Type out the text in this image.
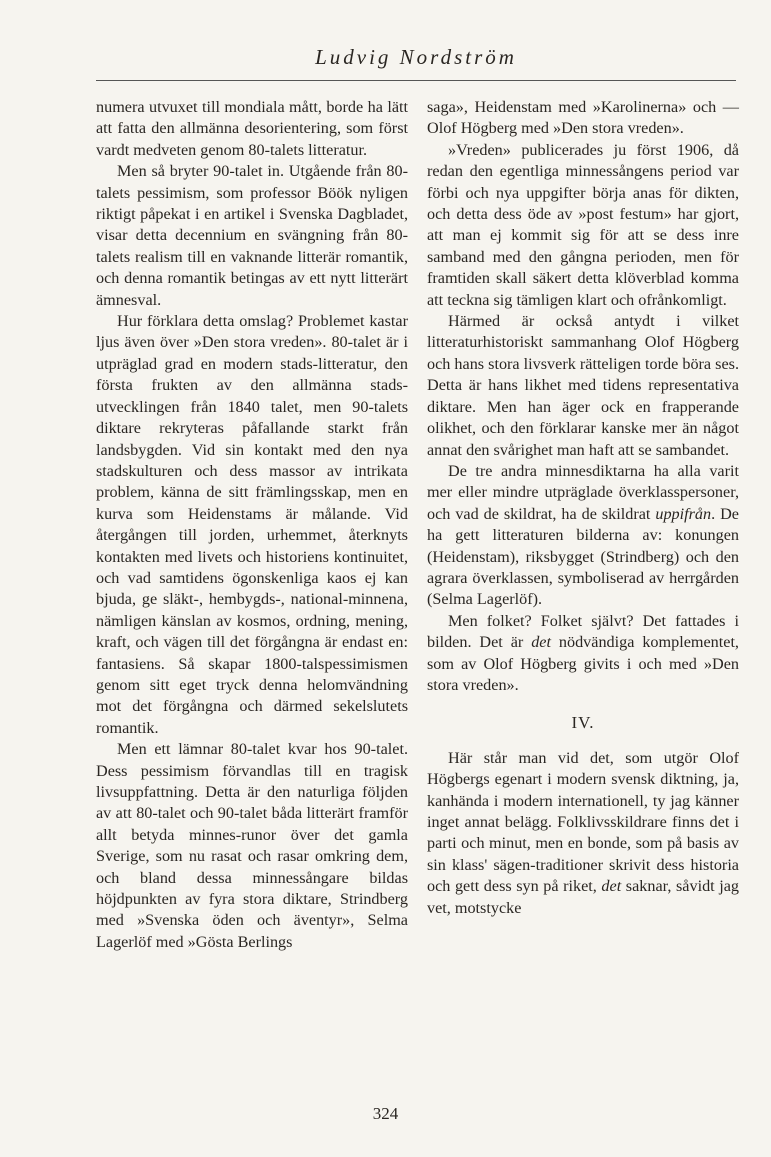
Ludvig Nordström

numera utvuxet till mondiala mått, borde ha lätt att fatta den allmänna desorientering, som först vardt medveten genom 80-talets litteratur.

Men så bryter 90-talet in. Utgående från 80-talets pessimism, som professor Böök nyligen riktigt påpekat i en artikel i Svenska Dagbladet, visar detta decennium en svängning från 80-talets realism till en vaknande litterär romantik, och denna romantik betingas av ett nytt litterärt ämnesval.

Hur förklara detta omslag? Problemet kastar ljus även över »Den stora vreden». 80-talet är i utpräglad grad en modern stads-litteratur, den första frukten av den allmänna stads-utvecklingen från 1840 talet, men 90-talets diktare rekryteras påfallande starkt från landsbygden. Vid sin kontakt med den nya stadskulturen och dess massor av intrikata problem, känna de sitt främlingsskap, men en kurva som Heidenstams är målande. Vid återgången till jorden, urhemmet, återknyts kontakten med livets och historiens kontinuitet, och vad samtidens ögonskenliga kaos ej kan bjuda, ge släkt-, hembygds-, national-minnena, nämligen känslan av kosmos, ordning, mening, kraft, och vägen till det förgångna är endast en: fantasiens. Så skapar 1800-talspessimismen genom sitt eget tryck denna helomvändning mot det förgångna och därmed sekelslutets romantik.

Men ett lämnar 80-talet kvar hos 90-talet. Dess pessimism förvandlas till en tragisk livsuppfattning. Detta är den naturliga följden av att 80-talet och 90-talet båda litterärt framför allt betyda minnes-runor över det gamla Sverige, som nu rasat och rasar omkring dem, och bland dessa minnessångare bildas höjdpunkten av fyra stora diktare, Strindberg med »Svenska öden och äventyr», Selma Lagerlöf med »Gösta Berlings

saga», Heidenstam med »Karolinerna» och — Olof Högberg med »Den stora vreden».

»Vreden» publicerades ju först 1906, då redan den egentliga minnessångens period var förbi och nya uppgifter börja anas för dikten, och detta dess öde av »post festum» har gjort, att man ej kommit sig för att se dess inre samband med den gångna perioden, men för framtiden skall säkert detta klöverblad komma att teckna sig tämligen klart och ofrånkomligt.

Härmed är också antydt i vilket litteraturhistoriskt sammanhang Olof Högberg och hans stora livsverk rätteligen torde böra ses. Detta är hans likhet med tidens representativa diktare. Men han äger ock en frapperande olikhet, och den förklarar kanske mer än något annat den svårighet man haft att se sambandet.

De tre andra minnesdiktarna ha alla varit mer eller mindre utpräglade överklasspersoner, och vad de skildrat, ha de skildrat uppifrån. De ha gett litteraturen bilderna av: konungen (Heidenstam), riksbygget (Strindberg) och den agrara överklassen, symboliserad av herrgården (Selma Lagerlöf).

Men folket? Folket självt? Det fattades i bilden. Det är det nödvändiga komplementet, som av Olof Högberg givits i och med »Den stora vreden».

IV.

Här står man vid det, som utgör Olof Högbergs egenart i modern svensk diktning, ja, kanhända i modern internationell, ty jag känner inget annat belägg. Folklivsskildrare finns det i parti och minut, men en bonde, som på basis av sin klass' sägen-traditioner skrivit dess historia och gett dess syn på riket, det saknar, såvidt jag vet, motstycke

324
